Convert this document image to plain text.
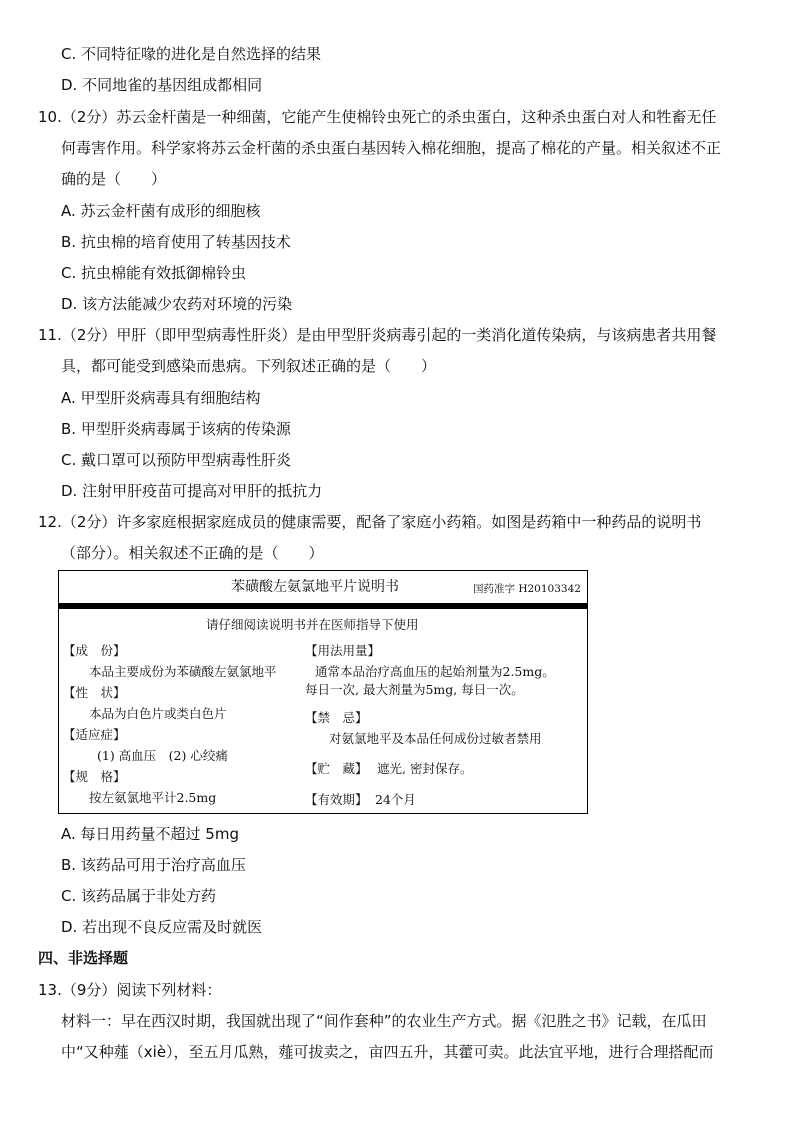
C. 不同特征喙的进化是自然选择的结果
D. 不同地雀的基因组成都相同
10.（2分）苏云金杆菌是一种细菌，它能产生使棉铃虫死亡的杀虫蛋白，这种杀虫蛋白对人和牲畜无任
何毒害作用。科学家将苏云金杆菌的杀虫蛋白基因转入棉花细胞，提高了棉花的产量。相关叙述不正
确的是（　　）
A. 苏云金杆菌有成形的细胞核
B. 抗虫棉的培育使用了转基因技术
C. 抗虫棉能有效抵御棉铃虫
D. 该方法能减少农药对环境的污染
11.（2分）甲肝（即甲型病毒性肝炎）是由甲型肝炎病毒引起的一类消化道传染病，与该病患者共用餐
具，都可能受到感染而患病。下列叙述正确的是（　　）
A. 甲型肝炎病毒具有细胞结构
B. 甲型肝炎病毒属于该病的传染源
C. 戴口罩可以预防甲型病毒性肝炎
D. 注射甲肝疫苗可提高对甲肝的抵抗力
12.（2分）许多家庭根据家庭成员的健康需要，配备了家庭小药箱。如图是药箱中一种药品的说明书
（部分）。相关叙述不正确的是（　　）
苯磺酸左氨氯地平片说明书	国药准字 H20103342
请仔细阅读说明书并在医师指导下使用
【成　份】
本品主要成份为苯磺酸左氨氯地平
【性　状】
本品为白色片或类白色片
【适应症】
(1) 高血压　(2) 心绞痛
【规　格】
按左氨氯地平计2.5mg
【用法用量】
通常本品治疗高血压的起始剂量为2.5mg。
每日一次, 最大剂量为5mg, 每日一次。
【禁　忌】
对氨氯地平及本品任何成份过敏者禁用
【贮　藏】 遮光, 密封保存。
【有效期】 24个月
A. 每日用药量不超过 5mg
B. 该药品可用于治疗高血压
C. 该药品属于非处方药
D. 若出现不良反应需及时就医
四、非选择题
13.（9分）阅读下列材料：
材料一：早在西汉时期，我国就出现了“间作套种”的农业生产方式。据《氾胜之书》记载，在瓜田
中“又种薤（xiè），至五月瓜熟，薤可拔卖之，亩四五升，其藿可卖。此法宜平地，进行合理搭配而
